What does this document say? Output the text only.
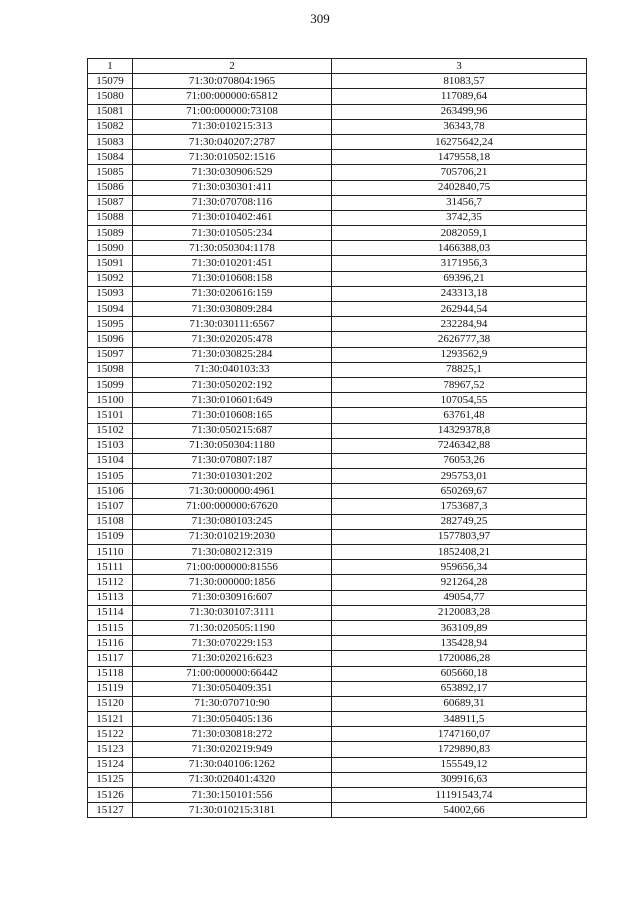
309
1	2	3
15079	71:30:070804:1965	81083,57
15080	71:00:000000:65812	117089,64
15081	71:00:000000:73108	263499,96
15082	71:30:010215:313	36343,78
15083	71:30:040207:2787	16275642,24
15084	71:30:010502:1516	1479558,18
15085	71:30:030906:529	705706,21
15086	71:30:030301:411	2402840,75
15087	71:30:070708:116	31456,7
15088	71:30:010402:461	3742,35
15089	71:30:010505:234	2082059,1
15090	71:30:050304:1178	1466388,03
15091	71:30:010201:451	3171956,3
15092	71:30:010608:158	69396,21
15093	71:30:020616:159	243313,18
15094	71:30:030809:284	262944,54
15095	71:30:030111:6567	232284,94
15096	71:30:020205:478	2626777,38
15097	71:30:030825:284	1293562,9
15098	71:30:040103:33	78825,1
15099	71:30:050202:192	78967,52
15100	71:30:010601:649	107054,55
15101	71:30:010608:165	63761,48
15102	71:30:050215:687	14329378,8
15103	71:30:050304:1180	7246342,88
15104	71:30:070807:187	76053,26
15105	71:30:010301:202	295753,01
15106	71:30:000000:4961	650269,67
15107	71:00:000000:67620	1753687,3
15108	71:30:080103:245	282749,25
15109	71:30:010219:2030	1577803,97
15110	71:30:080212:319	1852408,21
15111	71:00:000000:81556	959656,34
15112	71:30:000000:1856	921264,28
15113	71:30:030916:607	49054,77
15114	71:30:030107:3111	2120083,28
15115	71:30:020505:1190	363109,89
15116	71:30:070229:153	135428,94
15117	71:30:020216:623	1720086,28
15118	71:00:000000:66442	605660,18
15119	71:30:050409:351	653892,17
15120	71:30:070710:90	60689,31
15121	71:30:050405:136	348911,5
15122	71:30:030818:272	1747160,07
15123	71:30:020219:949	1729890,83
15124	71:30:040106:1262	155549,12
15125	71:30:020401:4320	309916,63
15126	71:30:150101:556	11191543,74
15127	71:30:010215:3181	54002,66
